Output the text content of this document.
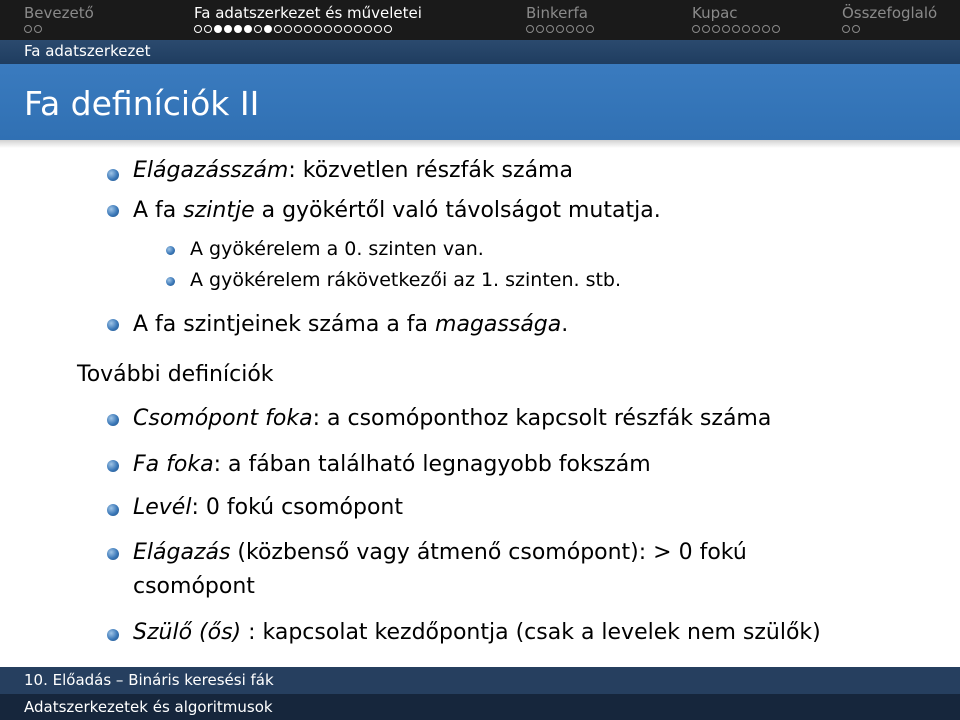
Bevezető	Fa adatszerkezet és műveletei	Binkerfa	Kupac	Összefoglaló
Fa adatszerkezet
Fa definíciók II
Elágazásszám: közvetlen részfák száma
A fa szintje a gyökértől való távolságot mutatja.
A gyökérelem a 0. szinten van.
A gyökérelem rákövetkezői az 1. szinten. stb.
A fa szintjeinek száma a fa magassága.
További definíciók
Csomópont foka: a csomóponthoz kapcsolt részfák száma
Fa foka: a fában található legnagyobb fokszám
Levél: 0 fokú csomópont
Elágazás (közbenső vagy átmenő csomópont): > 0 fokú
csomópont
Szülő (ős) : kapcsolat kezdőpontja (csak a levelek nem szülők)
10. Előadás – Bináris keresési fák
Adatszerkezetek és algoritmusok
